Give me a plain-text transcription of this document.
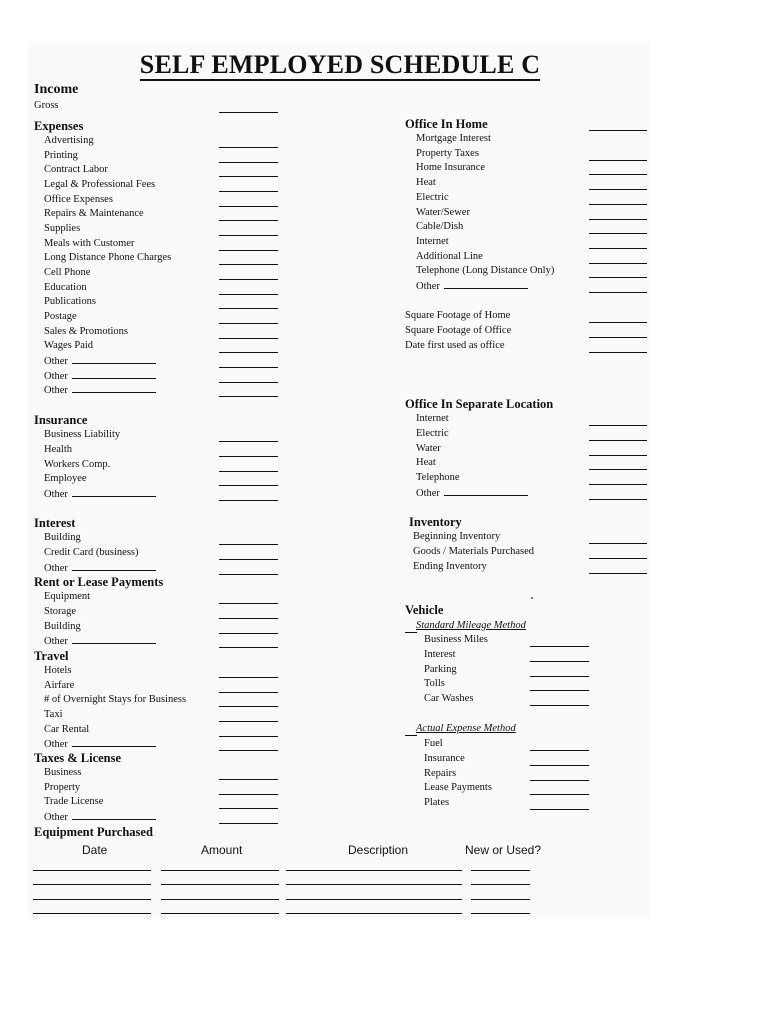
SELF EMPLOYED SCHEDULE C
Income
Gross
Expenses
Advertising
Printing
Contract Labor
Legal & Professional Fees
Office Expenses
Repairs & Maintenance
Supplies
Meals with Customer
Long Distance Phone Charges
Cell Phone
Education
Publications
Postage
Sales & Promotions
Wages Paid
Other
Other
Other
Insurance
Business Liability
Health
Workers Comp.
Employee
Other
Interest
Building
Credit Card (business)
Other
Rent or Lease Payments
Equipment
Storage
Building
Other
Travel
Hotels
Airfare
# of Overnight Stays for Business
Taxi
Car Rental
Other
Taxes & License
Business
Property
Trade License
Other
Equipment Purchased
Date	Amount	Description	New or Used?
Office In Home
Mortgage Interest
Property Taxes
Home Insurance
Heat
Electric
Water/Sewer
Cable/Dish
Internet
Additional Line
Telephone (Long Distance Only)
Other
Square Footage of Home
Square Footage of Office
Date first used as office
Office In Separate Location
Internet
Electric
Water
Heat
Telephone
Other
Inventory
Beginning Inventory
Goods / Materials Purchased
Ending Inventory
Vehicle
Standard Mileage Method
Business Miles
Interest
Parking
Tolls
Car Washes
Actual Expense Method
Fuel
Insurance
Repairs
Lease Payments
Plates
